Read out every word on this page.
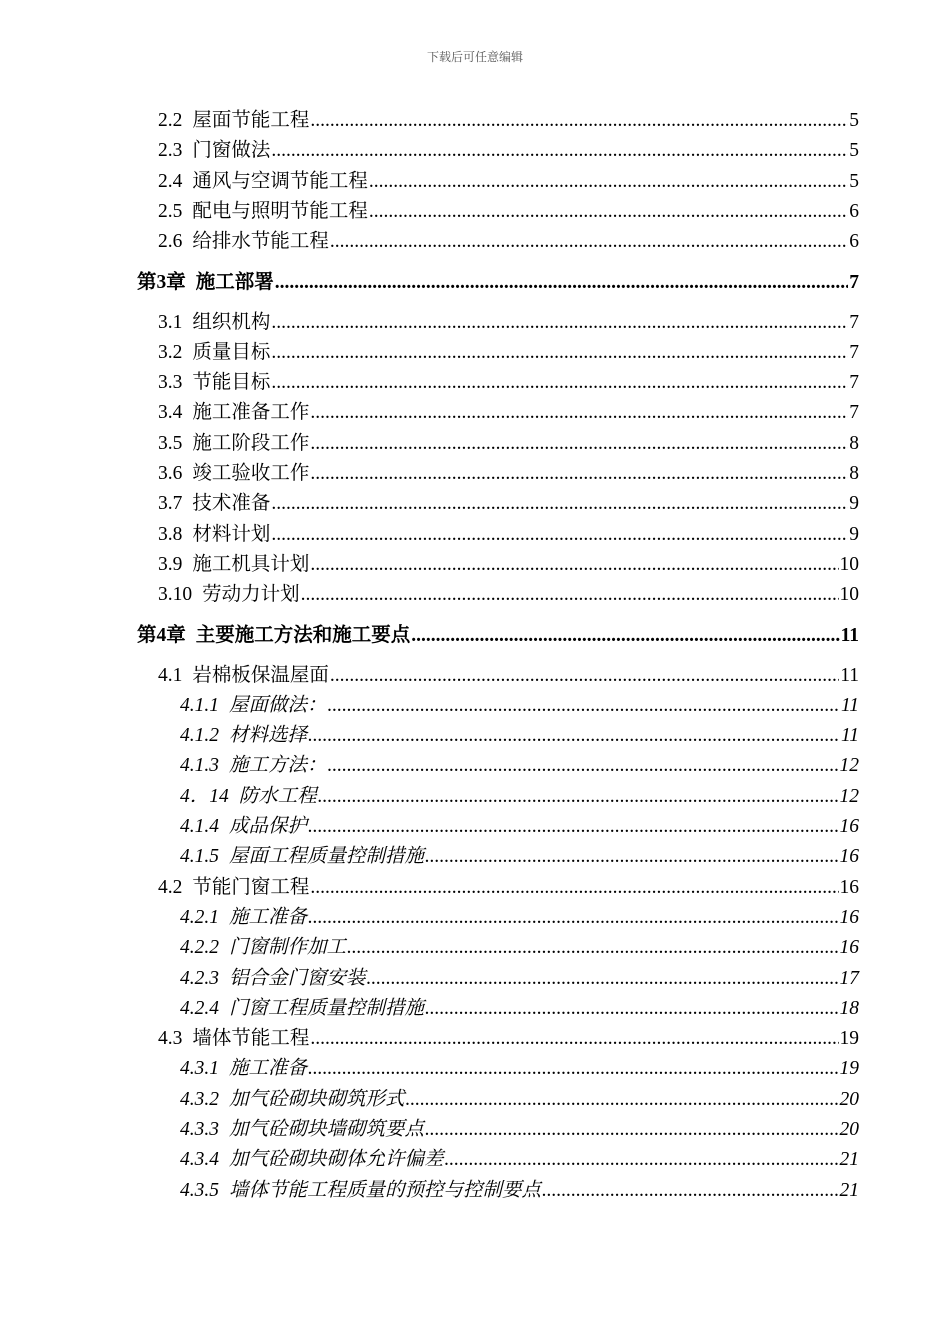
下载后可任意编辑
2.2 屋面节能工程 .....	5
2.3 门窗做法 .....	5
2.4 通风与空调节能工程 .....	5
2.5 配电与照明节能工程 .....	6
2.6 给排水节能工程 .....	6
第3章 施工部署 .....	7
3.1 组织机构 .....	7
3.2 质量目标 .....	7
3.3 节能目标 .....	7
3.4 施工准备工作 .....	7
3.5 施工阶段工作 .....	8
3.6 竣工验收工作 .....	8
3.7 技术准备 .....	9
3.8 材料计划 .....	9
3.9 施工机具计划 .....	10
3.10 劳动力计划 .....	10
第4章 主要施工方法和施工要点 .....	11
4.1 岩棉板保温屋面 .....	11
4.1.1 屋面做法： .....	11
4.1.2 材料选择 .....	11
4.1.3 施工方法： .....	12
4．14 防水工程 .....	12
4.1.4 成品保护 .....	16
4.1.5 屋面工程质量控制措施 .....	16
4.2 节能门窗工程 .....	16
4.2.1 施工准备 .....	16
4.2.2 门窗制作加工 .....	16
4.2.3 铝合金门窗安装 .....	17
4.2.4 门窗工程质量控制措施 .....	18
4.3 墙体节能工程 .....	19
4.3.1 施工准备 .....	19
4.3.2 加气砼砌块砌筑形式 .....	20
4.3.3 加气砼砌块墙砌筑要点 .....	20
4.3.4 加气砼砌块砌体允许偏差 .....	21
4.3.5 墙体节能工程质量的预控与控制要点 .....	21
